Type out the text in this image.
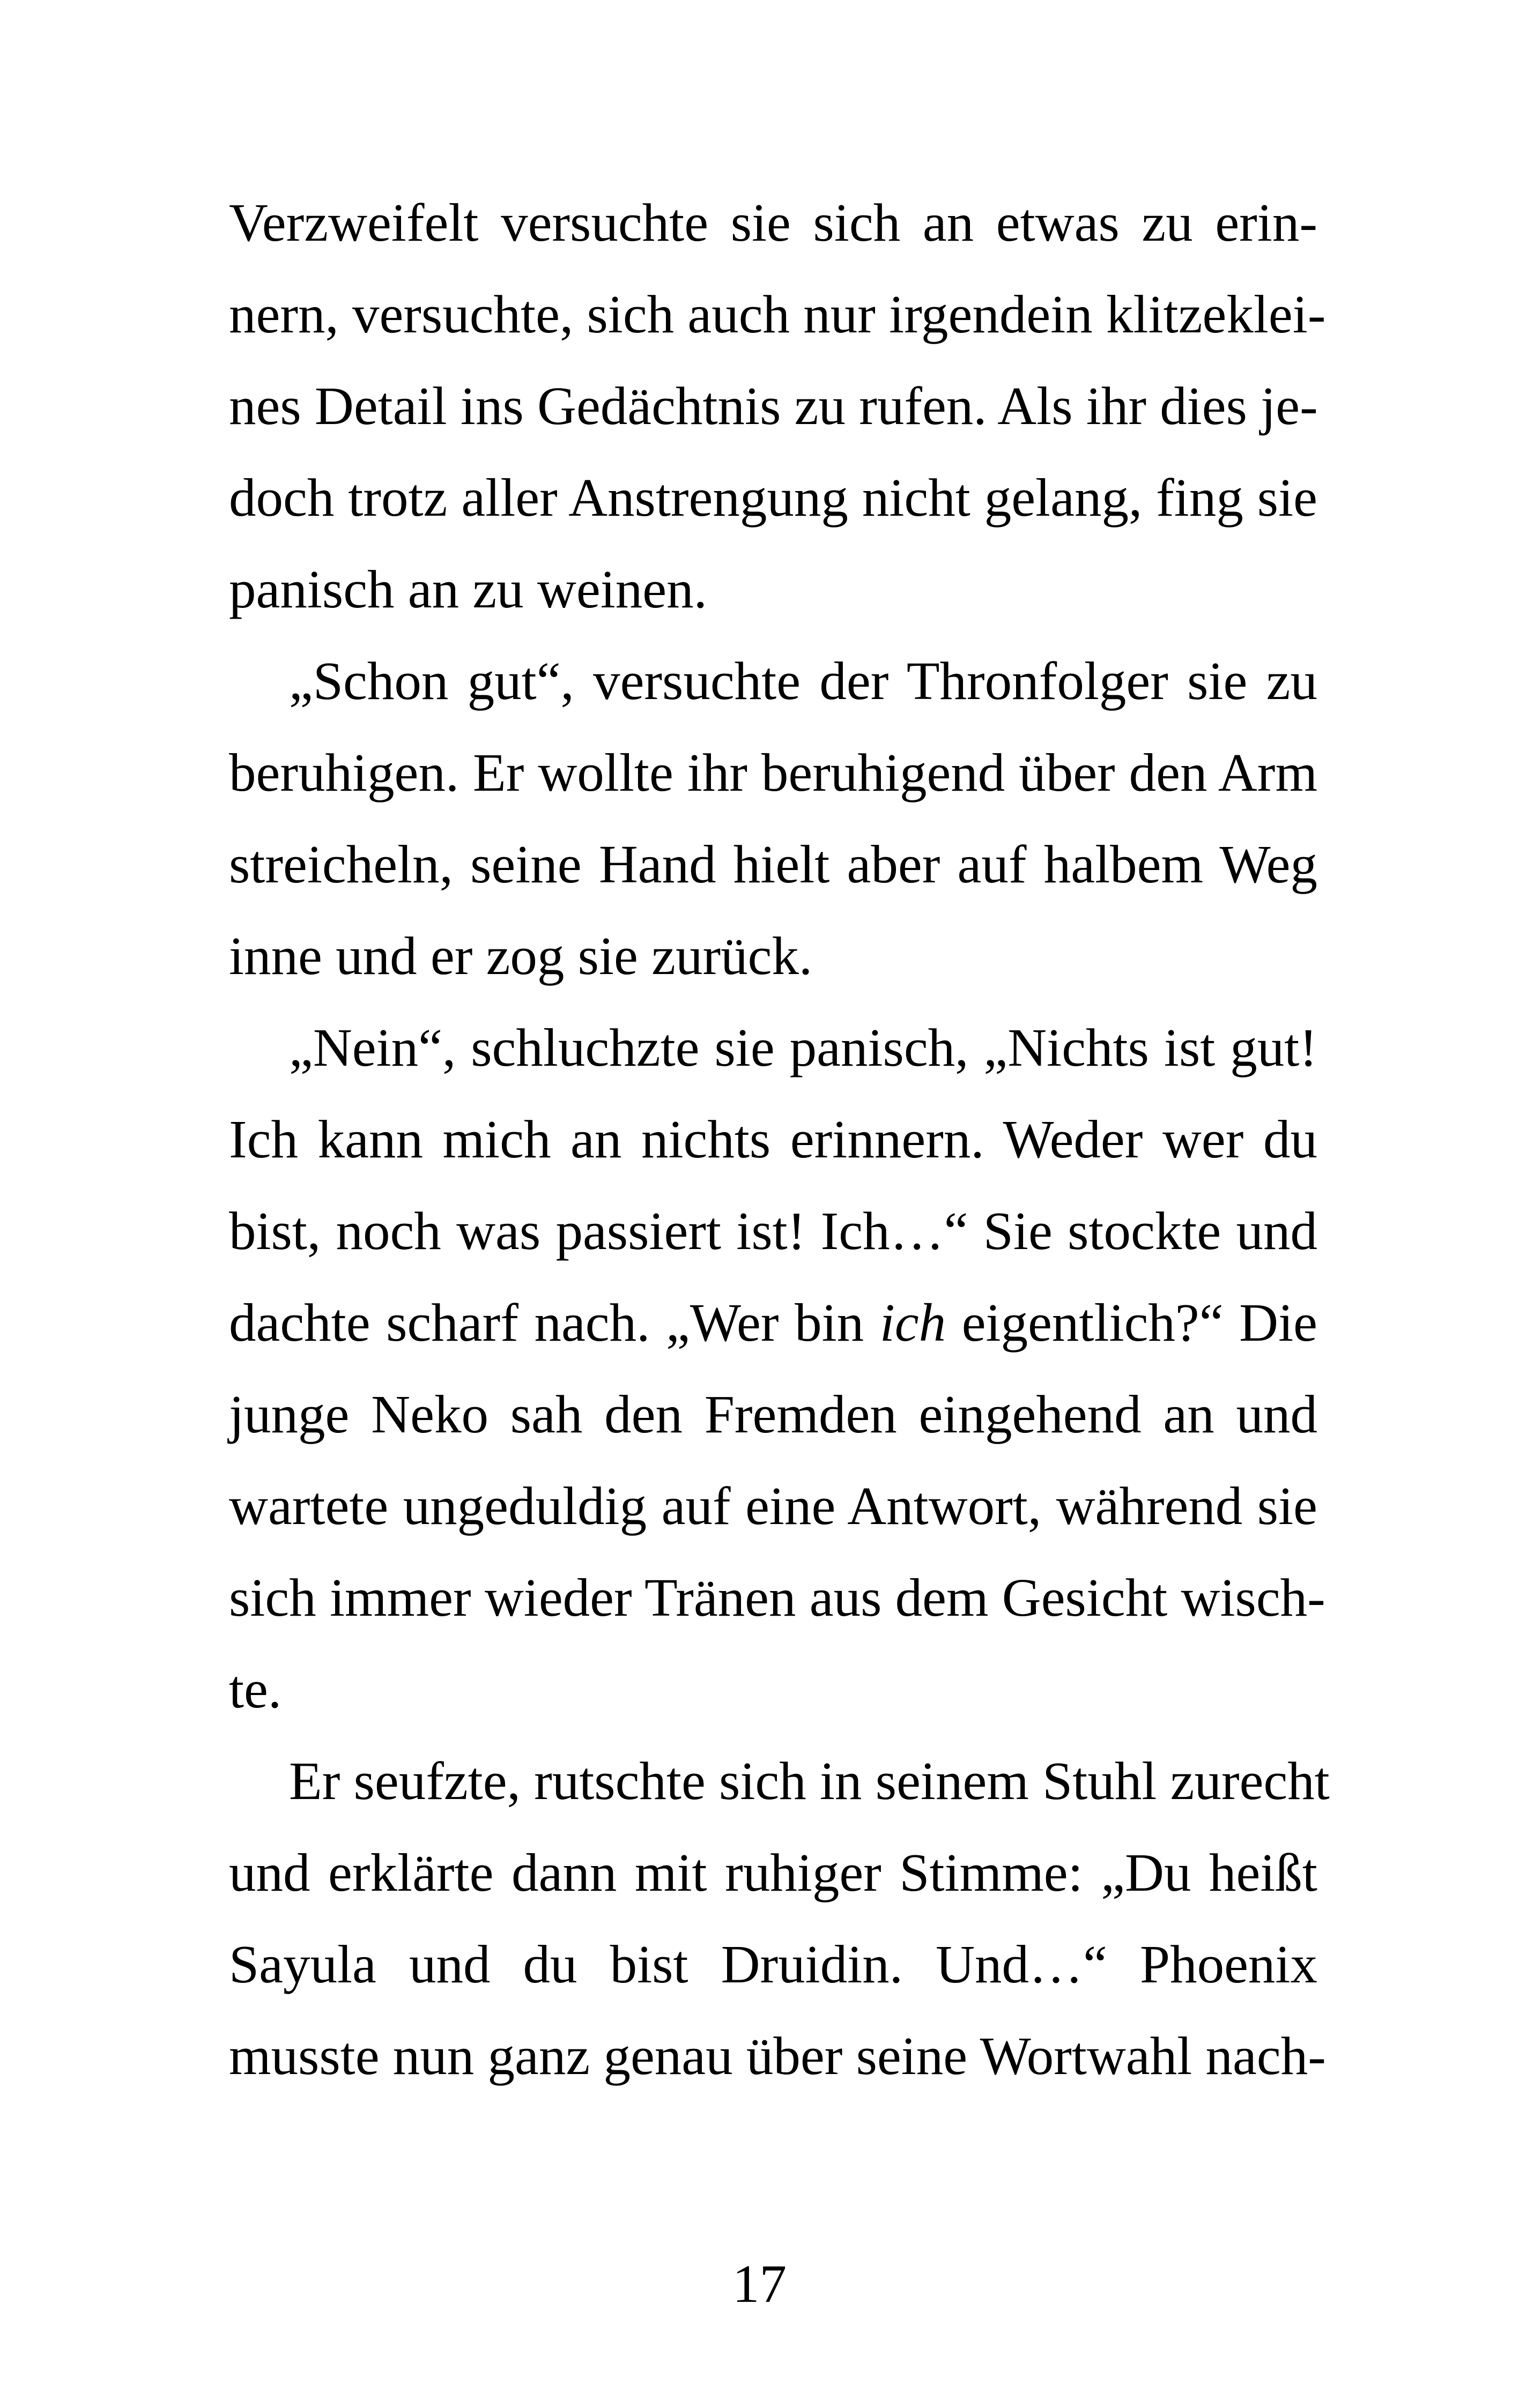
Verzweifelt versuchte sie sich an etwas zu erin-
nern, versuchte, sich auch nur irgendein klitzeklei-
nes Detail ins Gedächtnis zu rufen. Als ihr dies je-
doch trotz aller Anstrengung nicht gelang, fing sie
panisch an zu weinen.
„Schon gut“, versuchte der Thronfolger sie zu
beruhigen. Er wollte ihr beruhigend über den Arm
streicheln, seine Hand hielt aber auf halbem Weg
inne und er zog sie zurück.
„Nein“, schluchzte sie panisch, „Nichts ist gut!
Ich kann mich an nichts erinnern. Weder wer du
bist, noch was passiert ist! Ich…“ Sie stockte und
dachte scharf nach. „Wer bin ich eigentlich?“ Die
junge Neko sah den Fremden eingehend an und
wartete ungeduldig auf eine Antwort, während sie
sich immer wieder Tränen aus dem Gesicht wisch-
te.
Er seufzte, rutschte sich in seinem Stuhl zurecht
und erklärte dann mit ruhiger Stimme: „Du heißt
Sayula und du bist Druidin. Und…“ Phoenix
musste nun ganz genau über seine Wortwahl nach-
17
